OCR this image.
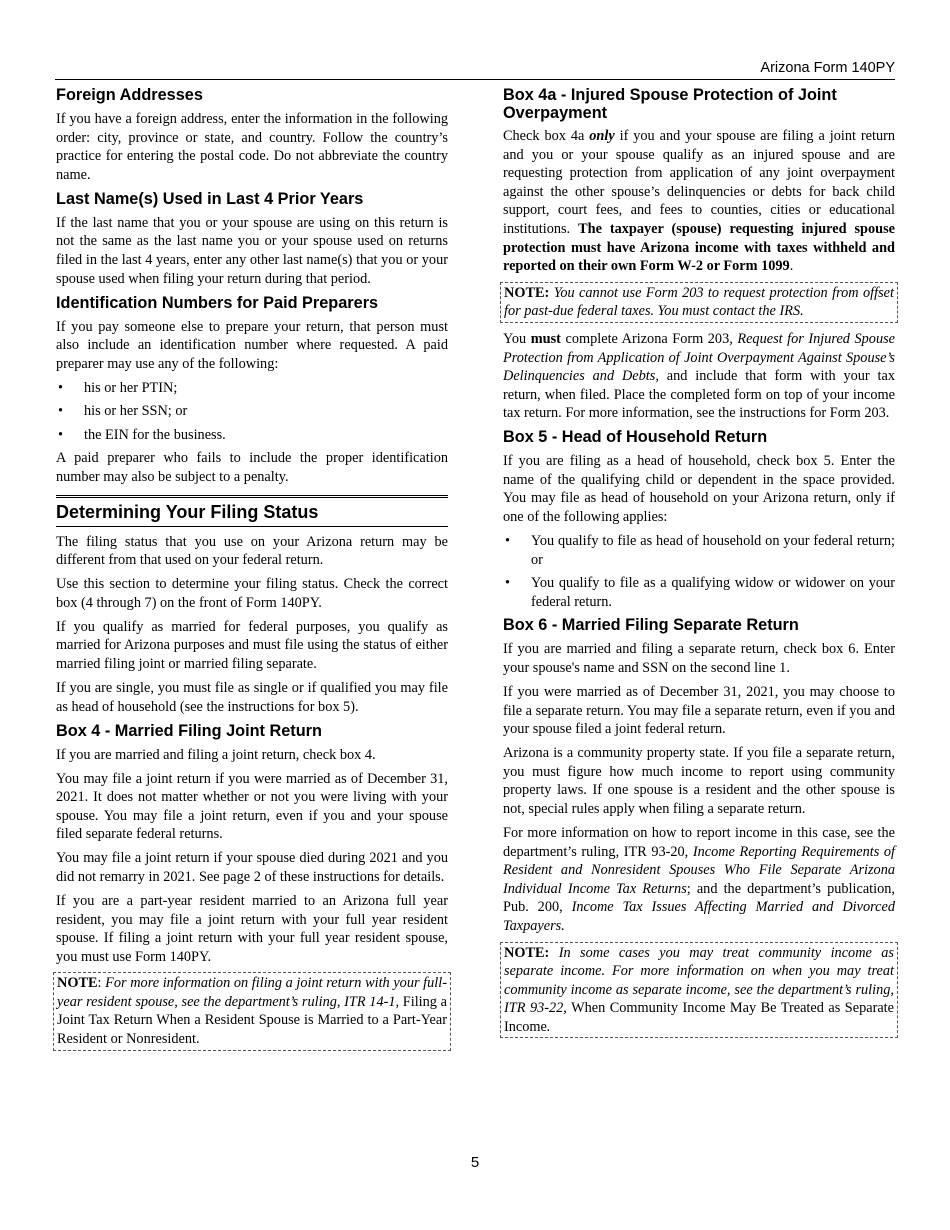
Arizona Form 140PY
Foreign Addresses

If you have a foreign address, enter the information in the following order: city, province or state, and country. Follow the country’s practice for entering the postal code. Do not abbreviate the country name.

Last Name(s) Used in Last 4 Prior Years

If the last name that you or your spouse are using on this return is not the same as the last name you or your spouse used on returns filed in the last 4 years, enter any other last name(s) that you or your spouse used when filing your return during that period.

Identification Numbers for Paid Preparers

If you pay someone else to prepare your return, that person must also include an identification number where requested. A paid preparer may use any of the following:

• his or her PTIN;
• his or her SSN; or
• the EIN for the business.

A paid preparer who fails to include the proper identification number may also be subject to a penalty.

Determining Your Filing Status

The filing status that you use on your Arizona return may be different from that used on your federal return.

Use this section to determine your filing status. Check the correct box (4 through 7) on the front of Form 140PY.

If you qualify as married for federal purposes, you qualify as married for Arizona purposes and must file using the status of either married filing joint or married filing separate.

If you are single, you must file as single or if qualified you may file as head of household (see the instructions for box 5).

Box 4 - Married Filing Joint Return

If you are married and filing a joint return, check box 4.

You may file a joint return if you were married as of December 31, 2021. It does not matter whether or not you were living with your spouse. You may file a joint return, even if you and your spouse filed separate federal returns.

You may file a joint return if your spouse died during 2021 and you did not remarry in 2021. See page 2 of these instructions for details.

If you are a part-year resident married to an Arizona full year resident, you may file a joint return with your full year resident spouse. If filing a joint return with your full year resident spouse, you must use Form 140PY.

NOTE: For more information on filing a joint return with your full-year resident spouse, see the department’s ruling, ITR 14-1, Filing a Joint Tax Return When a Resident Spouse is Married to a Part-Year Resident or Nonresident.
Box 4a - Injured Spouse Protection of Joint Overpayment

Check box 4a only if you and your spouse are filing a joint return and you or your spouse qualify as an injured spouse and are requesting protection from application of any joint overpayment against the other spouse’s delinquencies or debts for back child support, court fees, and fees to counties, cities or educational institutions. The taxpayer (spouse) requesting injured spouse protection must have Arizona income with taxes withheld and reported on their own Form W-2 or Form 1099.

NOTE: You cannot use Form 203 to request protection from offset for past-due federal taxes. You must contact the IRS.

You must complete Arizona Form 203, Request for Injured Spouse Protection from Application of Joint Overpayment Against Spouse’s Delinquencies and Debts, and include that form with your tax return, when filed. Place the completed form on top of your income tax return. For more information, see the instructions for Form 203.

Box 5 - Head of Household Return

If you are filing as a head of household, check box 5. Enter the name of the qualifying child or dependent in the space provided. You may file as head of household on your Arizona return, only if one of the following applies:

• You qualify to file as head of household on your federal return; or
• You qualify to file as a qualifying widow or widower on your federal return.
Box 6 - Married Filing Separate Return

If you are married and filing a separate return, check box 6. Enter your spouse's name and SSN on the second line 1.

If you were married as of December 31, 2021, you may choose to file a separate return. You may file a separate return, even if you and your spouse filed a joint federal return.

Arizona is a community property state. If you file a separate return, you must figure how much income to report using community property laws. If one spouse is a resident and the other spouse is not, special rules apply when filing a separate return.

For more information on how to report income in this case, see the department’s ruling, ITR 93-20, Income Reporting Requirements of Resident and Nonresident Spouses Who File Separate Arizona Individual Income Tax Returns; and the department’s publication, Pub. 200, Income Tax Issues Affecting Married and Divorced Taxpayers.

NOTE: In some cases you may treat community income as separate income. For more information on when you may treat community income as separate income, see the department’s ruling, ITR 93-22, When Community Income May Be Treated as Separate Income.
5
